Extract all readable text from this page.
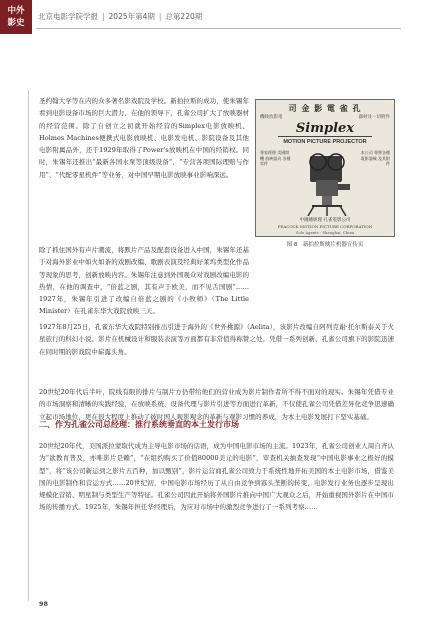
中外
影史
北京电影学院学报 | 2025年第4期 | 总第220期

圣约翰大学等在内的众多著名影戏院及学校。新拍拉斯的成功，使朱锡年看到电影设备市场的巨大潜力，在他的领导下，孔雀公司扩大了放映器材的经营范围。除了自创立之初就开始经营的Simplex电影放映机、Holmes Machines便携式电影放映机、电影发电机、影院设备及其他电影附属品外，还于1929年取得了Power's放映机在中国的经销权。同时，朱锡年还推出“最新各国水泵等顶级设备”、“专营各项国际理赔与作用”、“代配零星机件”等业务，对中国早期电影放映事业影响深远。

除了抓住国外有声片潮流，将默片产品及配套设备进入中国，朱锡年还基于对海外影业中如火如荼的戏剧改编、歌剧表演及经典好莱坞类型化作品等现象的思考，创新放映内容。朱锡年注意到外国观众对戏剧改编电影的热情，在他的调查中，“倍蓝之剧，其有声于欧美，而不见舌国剧”……1927年，朱锡年引进了改编自倍蓝之剧的《小牧师》（The Little Minister）在孔雀东华大戏院放映三天。

1927年8月25日，孔雀东华大戏院特别推出引进于海外的《世外桃源》（Aelita），该影片改编自阿列克谢·托尔斯泰关于火星旅行的科幻小说。影片在机械设计和服装表演等方面都有非常值得称赞之处。凭借一系列创新，孔雀公司旗下的影院迅速在同时期的影戏院中崭露头角。

20世纪20年代后半叶，院线有限的排片与制片方仍带给他们的营业成为影片制作者所不得不面对的现实。朱锡年凭借专业的市场洞察和清晰的实践经验，在放映系统、设备代理与影片引进等方面进行革新，不仅使孔雀公司凭借差异化竞争迅速确立起市场地位，更在很大程度上推动了彼时国人观影观念的革新与观影习惯的养成，为本土电影发展打下坚实基础。

二、作为孔雀公司总经理：推行系统垂直的本土发行市场

20世纪20年代，美国派拉蒙取代成为主导电影市场的话语，成为中国电影市场的主流。1923年，孔雀公司创业人周自齐认为“欲教育普及，亦唯影片是赖”，“在组约购买了价值80000美元的电影”，审查机关抽查发现“中国电影事业之极好的模型”，将“该公司新运到之影片五百种，加以甄别”，影片运营商孔雀公司致力于系统性地开拓美国的本土电影市场，借鉴美国的电影制作和营运方式……20世纪初，中国电影市场经历了从自由竞争到寡头垄断的转变，电影发行业务也逐步呈现出规模化营销、明星制与类型生产等特征。孔雀公司因此开始将外国影片推向中国广大观众之后，开始重视国外影片在中国市场的传播方式。1925年，朱锡年担任华经理后，为应对市场中的激烈竞争进行了一系列考察……

司 金 影 電 雀 孔
機映放影電	器材及一切附件
Simplex
MOTION PICTURE PROJECTOR
專家經理 美國開機 放映器具 各種零件
本公司 專營各種 電影器械 及其附件
中國總經理 孔雀電影公司
PEACOCK MOTION PICTURE CORPORATION
Sole Agents · Shanghai, China
图 8　新拍拉斯映片机器宣传页
98
